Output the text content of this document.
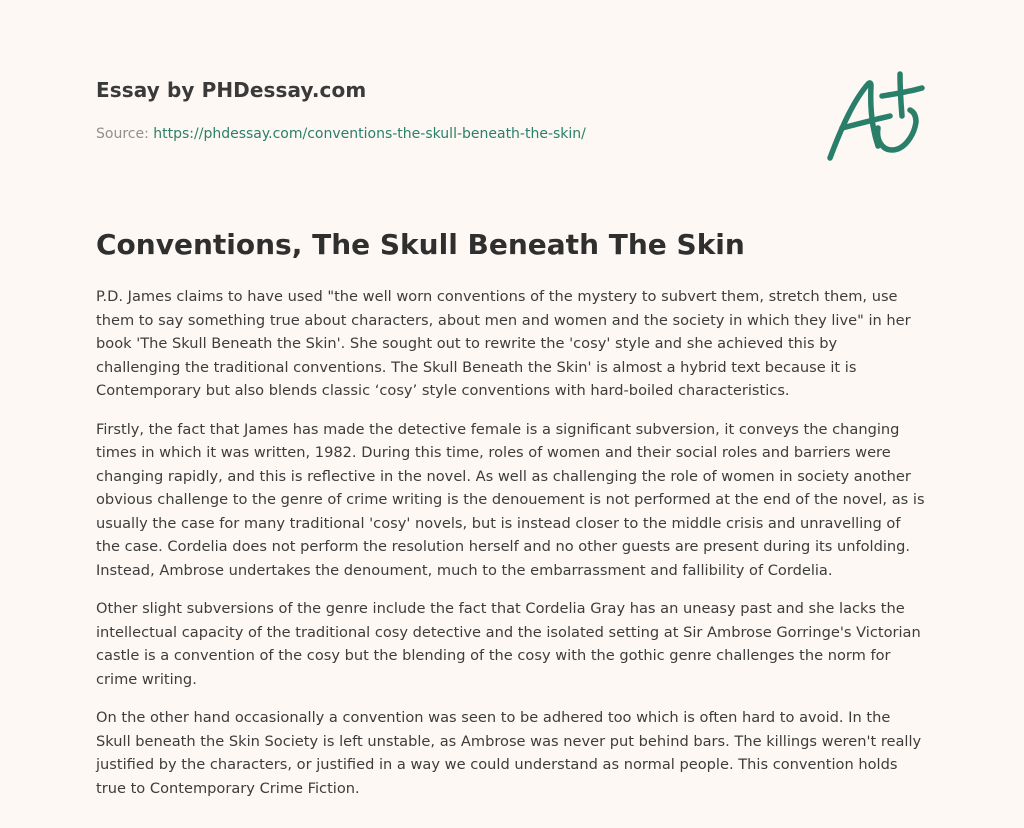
Essay by PHDessay.com
Source: https://phdessay.com/conventions-the-skull-beneath-the-skin/
Conventions, The Skull Beneath The Skin

P.D. James claims to have used "the well worn conventions of the mystery to subvert them, stretch them, use them to say something true about characters, about men and women and the society in which they live" in her book 'The Skull Beneath the Skin'. She sought out to rewrite the 'cosy' style and she achieved this by challenging the traditional conventions. The Skull Beneath the Skin' is almost a hybrid text because it is Contemporary but also blends classic ‘cosy’ style conventions with hard-boiled characteristics.

Firstly, the fact that James has made the detective female is a significant subversion, it conveys the changing times in which it was written, 1982. During this time, roles of women and their social roles and barriers were changing rapidly, and this is reflective in the novel. As well as challenging the role of women in society another obvious challenge to the genre of crime writing is the denouement is not performed at the end of the novel, as is usually the case for many traditional 'cosy' novels, but is instead closer to the middle crisis and unravelling of the case. Cordelia does not perform the resolution herself and no other guests are present during its unfolding. Instead, Ambrose undertakes the denoument, much to the embarrassment and fallibility of Cordelia.

Other slight subversions of the genre include the fact that Cordelia Gray has an uneasy past and she lacks the intellectual capacity of the traditional cosy detective and the isolated setting at Sir Ambrose Gorringe's Victorian castle is a convention of the cosy but the blending of the cosy with the gothic genre challenges the norm for crime writing.

On the other hand occasionally a convention was seen to be adhered too which is often hard to avoid. In the Skull beneath the Skin Society is left unstable, as Ambrose was never put behind bars. The killings weren't really justified by the characters, or justified in a way we could understand as normal people. This convention holds true to Contemporary Crime Fiction.
